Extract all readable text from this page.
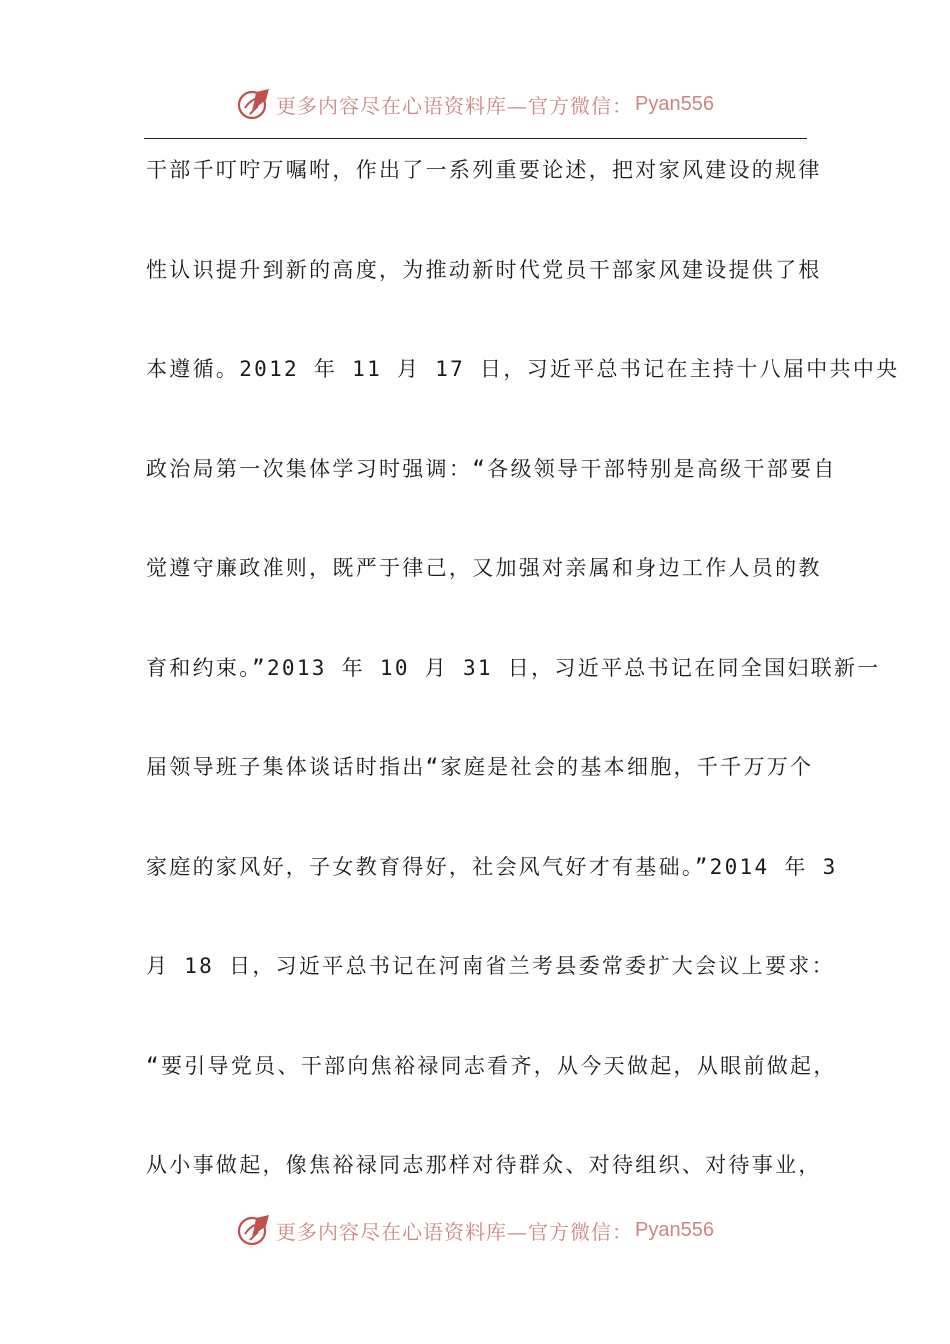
更多内容尽在心语资料库—官方微信： Pyan556
干部千叮咛万嘱咐，作出了一系列重要论述，把对家风建设的规律
性认识提升到新的高度，为推动新时代党员干部家风建设提供了根
本遵循。2012 年 11 月 17 日，习近平总书记在主持十八届中共中央
政治局第一次集体学习时强调：“各级领导干部特别是高级干部要自
觉遵守廉政准则，既严于律己，又加强对亲属和身边工作人员的教
育和约束。”2013 年 10 月 31 日，习近平总书记在同全国妇联新一
届领导班子集体谈话时指出“家庭是社会的基本细胞，千千万万个
家庭的家风好，子女教育得好，社会风气好才有基础。”2014 年 3
月 18 日，习近平总书记在河南省兰考县委常委扩大会议上要求：
“要引导党员、干部向焦裕禄同志看齐，从今天做起，从眼前做起，
从小事做起，像焦裕禄同志那样对待群众、对待组织、对待事业，
更多内容尽在心语资料库—官方微信： Pyan556
